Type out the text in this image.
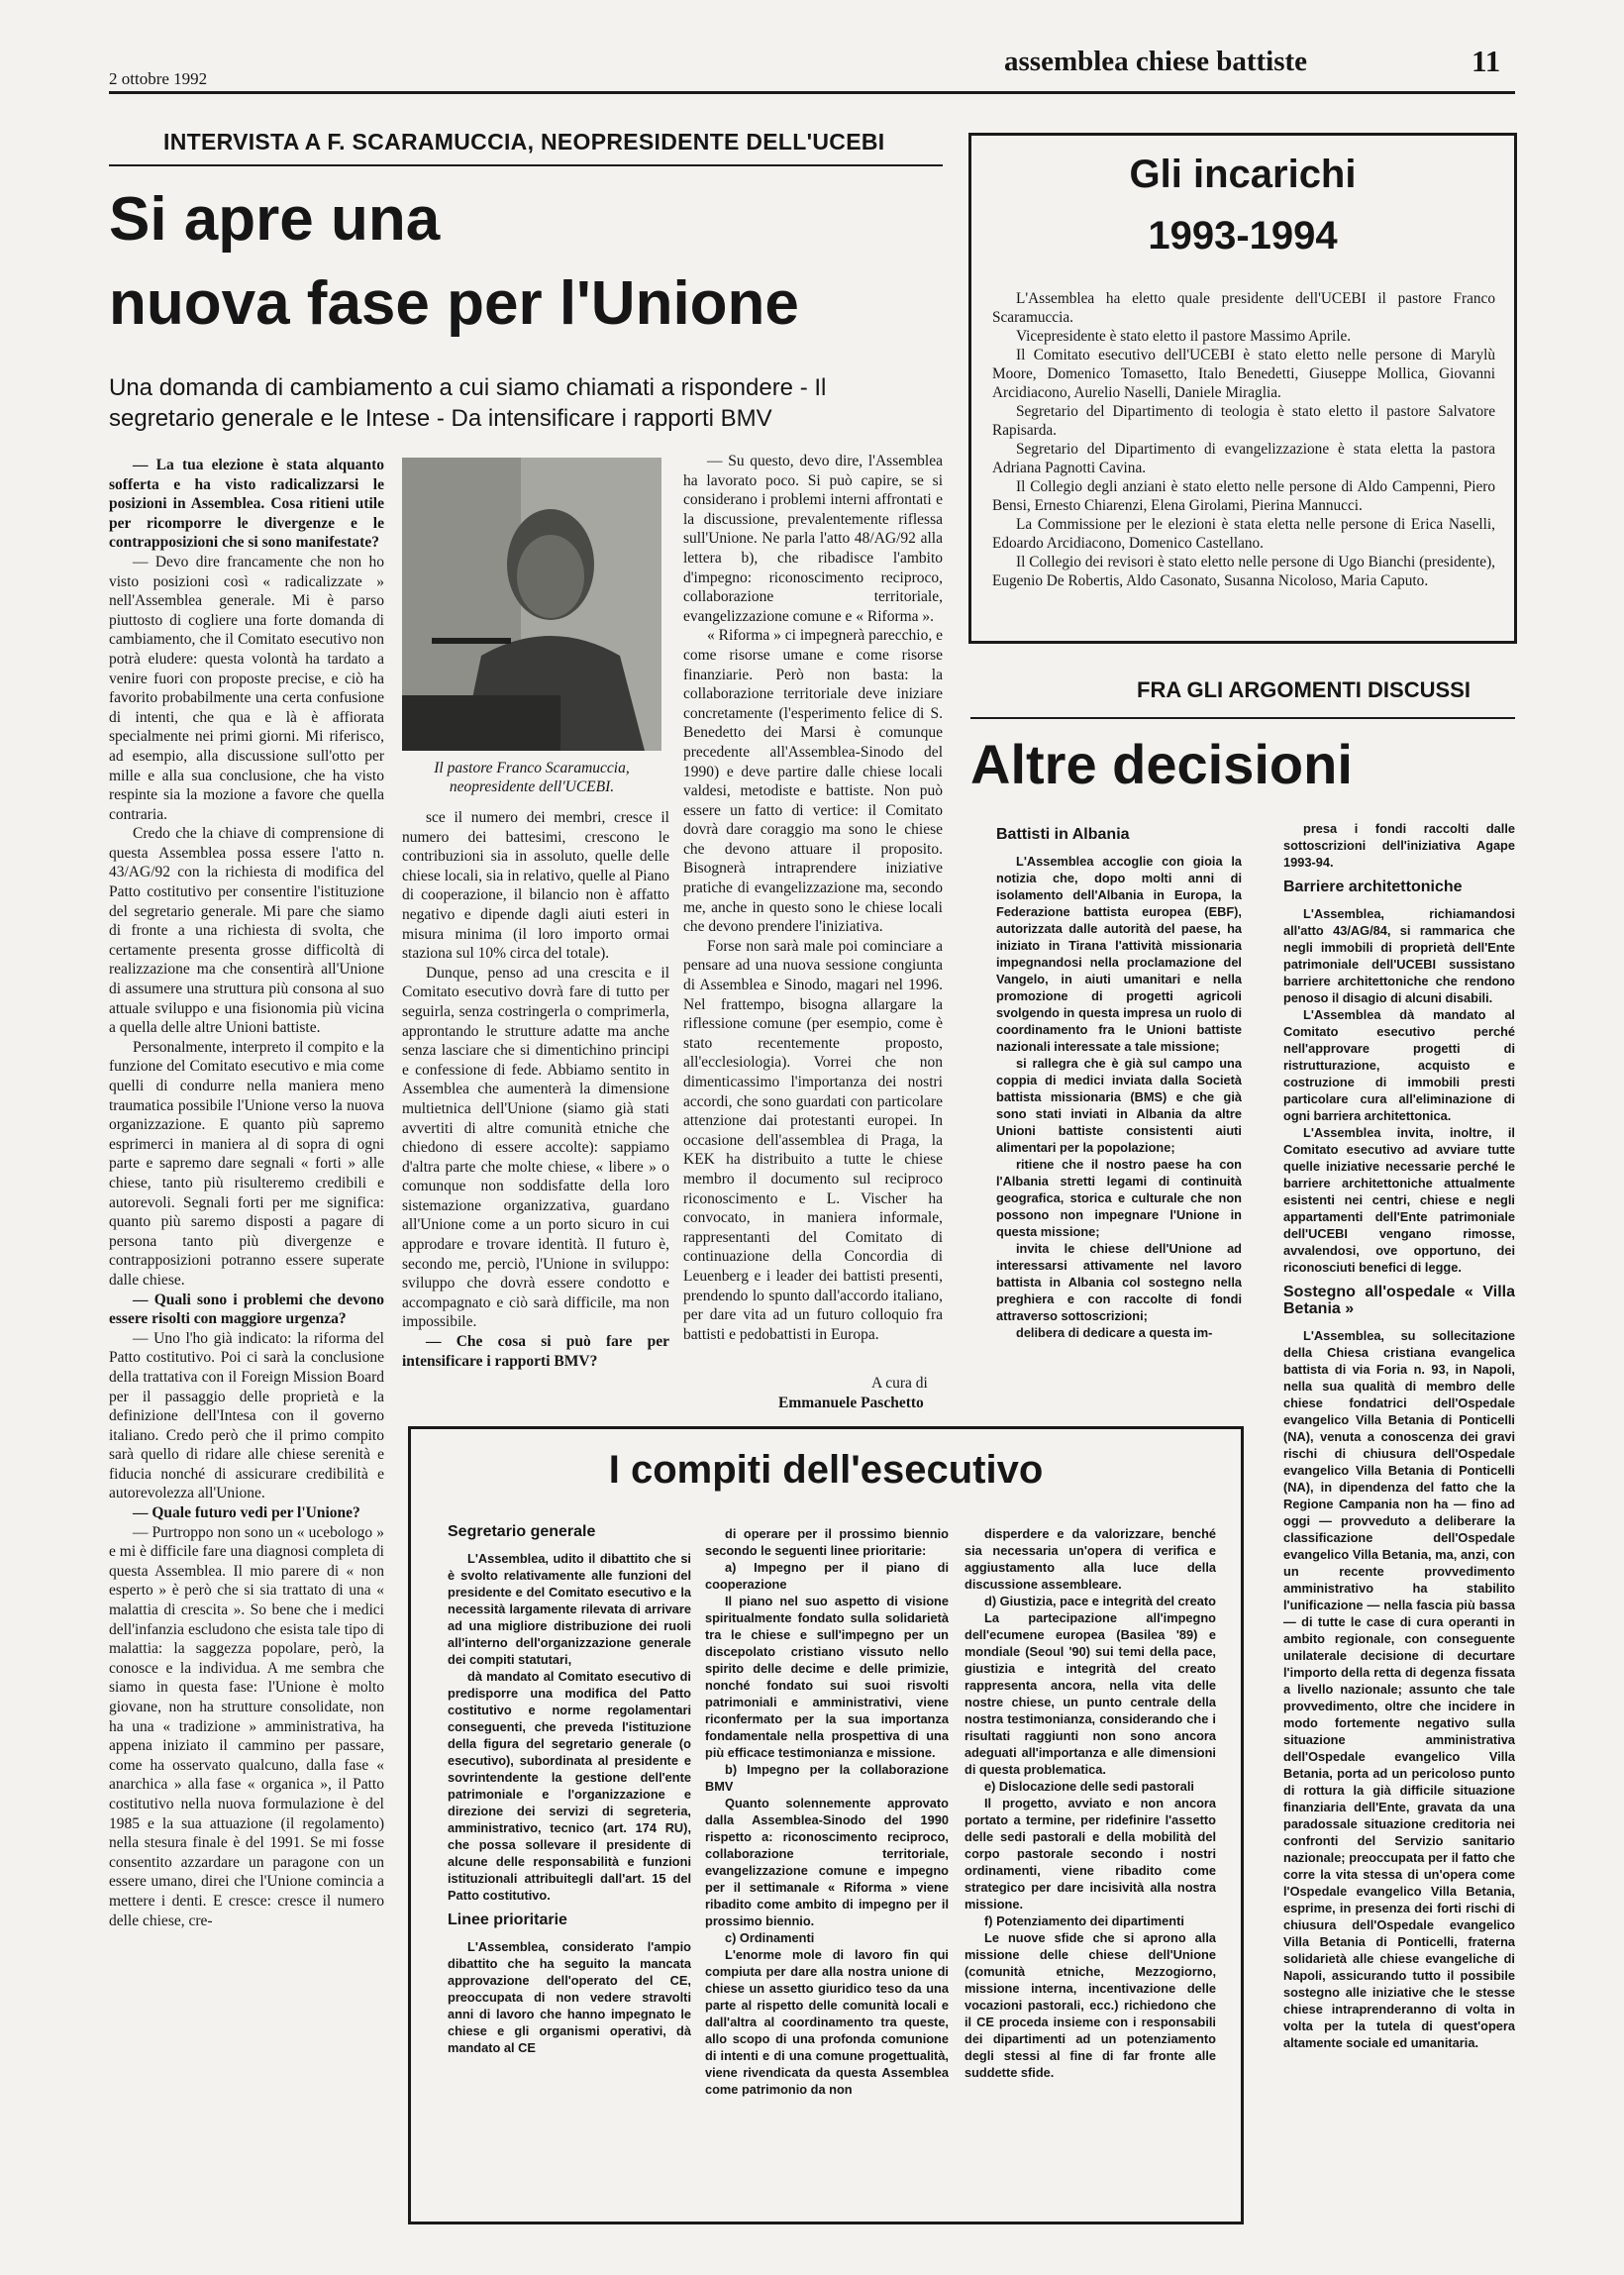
2 ottobre 1992
assemblea chiese battiste	11
INTERVISTA A F. SCARAMUCCIA, NEOPRESIDENTE DELL'UCEBI
Si apre una
nuova fase per l'Unione
Una domanda di cambiamento a cui siamo chiamati a rispondere - Il
segretario generale e le Intese - Da intensificare i rapporti BMV
Il pastore Franco Scaramuccia, neopresidente dell'UCEBI.

— La tua elezione è stata alquanto sofferta e ha visto radicalizzarsi le posizioni in Assemblea. Cosa ritieni utile per ricomporre le divergenze e le contrapposizioni che si sono manifestate?

— Devo dire francamente che non ho visto posizioni così « radicalizzate » nell'Assemblea generale. Mi è parso piuttosto di cogliere una forte domanda di cambiamento, che il Comitato esecutivo non potrà eludere: questa volontà ha tardato a venire fuori con proposte precise, e ciò ha favorito probabilmente una certa confusione di intenti, che qua e là è affiorata specialmente nei primi giorni. Mi riferisco, ad esempio, alla discussione sull'otto per mille e alla sua conclusione, che ha visto respinte sia la mozione a favore che quella contraria.

Credo che la chiave di comprensione di questa Assemblea possa essere l'atto n. 43/AG/92 con la richiesta di modifica del Patto costitutivo per consentire l'istituzione del segretario generale. Mi pare che siamo di fronte a una richiesta di svolta, che certamente presenta grosse difficoltà di realizzazione ma che consentirà all'Unione di assumere una struttura più consona al suo attuale sviluppo e una fisionomia più vicina a quella delle altre Unioni battiste.

Personalmente, interpreto il compito e la funzione del Comitato esecutivo e mia come quelli di condurre nella maniera meno traumatica possibile l'Unione verso la nuova organizzazione. E quanto più sapremo esprimerci in maniera al di sopra di ogni parte e sapremo dare segnali « forti » alle chiese, tanto più risulteremo credibili e autorevoli. Segnali forti per me significa: quanto più saremo disposti a pagare di persona tanto più divergenze e contrapposizioni potranno essere superate dalle chiese.

— Quali sono i problemi che devono essere risolti con maggiore urgenza?

— Uno l'ho già indicato: la riforma del Patto costitutivo. Poi ci sarà la conclusione della trattativa con il Foreign Mission Board per il passaggio delle proprietà e la definizione dell'Intesa con il governo italiano. Credo però che il primo compito sarà quello di ridare alle chiese serenità e fiducia nonché di assicurare credibilità e autorevolezza all'Unione.

— Quale futuro vedi per l'Unione?

— Purtroppo non sono un « ucebologo » e mi è difficile fare una diagnosi completa di questa Assemblea. Il mio parere di « non esperto » è però che si sia trattato di una « malattia di crescita ». So bene che i medici dell'infanzia escludono che esista tale tipo di malattia: la saggezza popolare, però, la conosce e la individua. A me sembra che siamo in questa fase: l'Unione è molto giovane, non ha strutture consolidate, non ha una « tradizione » amministrativa, ha appena iniziato il cammino per passare, come ha osservato qualcuno, dalla fase « anarchica » alla fase « organica », il Patto costitutivo nella nuova formulazione è del 1985 e la sua attuazione (il regolamento) nella stesura finale è del 1991. Se mi fosse consentito azzardare un paragone con un essere umano, direi che l'Unione comincia a mettere i denti. E cresce: cresce il numero delle chiese, cre-

sce il numero dei membri, cresce il numero dei battesimi, crescono le contribuzioni sia in assoluto, quelle delle chiese locali, sia in relativo, quelle al Piano di cooperazione, il bilancio non è affatto negativo e dipende dagli aiuti esteri in misura minima (il loro importo ormai staziona sul 10% circa del totale).

Dunque, penso ad una crescita e il Comitato esecutivo dovrà fare di tutto per seguirla, senza costringerla o comprimerla, approntando le strutture adatte ma anche senza lasciare che si dimentichino principi e confessione di fede. Abbiamo sentito in Assemblea che aumenterà la dimensione multietnica dell'Unione (siamo già stati avvertiti di altre comunità etniche che chiedono di essere accolte): sappiamo d'altra parte che molte chiese, « libere » o comunque non soddisfatte della loro sistemazione organizzativa, guardano all'Unione come a un porto sicuro in cui approdare e trovare identità. Il futuro è, secondo me, perciò, l'Unione in sviluppo: sviluppo che dovrà essere condotto e accompagnato e ciò sarà difficile, ma non impossibile.

— Che cosa si può fare per intensificare i rapporti BMV?

— Su questo, devo dire, l'Assemblea ha lavorato poco. Si può capire, se si considerano i problemi interni affrontati e la discussione, prevalentemente riflessa sull'Unione. Ne parla l'atto 48/AG/92 alla lettera b), che ribadisce l'ambito d'impegno: riconoscimento reciproco, collaborazione territoriale, evangelizzazione comune e « Riforma ».

« Riforma » ci impegnerà parecchio, e come risorse umane e come risorse finanziarie. Però non basta: la collaborazione territoriale deve iniziare concretamente (l'esperimento felice di S. Benedetto dei Marsi è comunque precedente all'Assemblea-Sinodo del 1990) e deve partire dalle chiese locali valdesi, metodiste e battiste. Non può essere un fatto di vertice: il Comitato dovrà dare coraggio ma sono le chiese che devono attuare il proposito. Bisognerà intraprendere iniziative pratiche di evangelizzazione ma, secondo me, anche in questo sono le chiese locali che devono prendere l'iniziativa.

Forse non sarà male poi cominciare a pensare ad una nuova sessione congiunta di Assemblea e Sinodo, magari nel 1996. Nel frattempo, bisogna allargare la riflessione comune (per esempio, come è stato recentemente proposto, all'ecclesiologia). Vorrei che non dimenticassimo l'importanza dei nostri accordi, che sono guardati con particolare attenzione dai protestanti europei. In occasione dell'assemblea di Praga, la KEK ha distribuito a tutte le chiese membro il documento sul reciproco riconoscimento e L. Vischer ha convocato, in maniera informale, rappresentanti del Comitato di continuazione della Concordia di Leuenberg e i leader dei battisti presenti, prendendo lo spunto dall'accordo italiano, per dare vita ad un futuro colloquio fra battisti e pedobattisti in Europa.

A cura di
Emmanuele Paschetto
Gli incarichi
1993-1994

L'Assemblea ha eletto quale presidente dell'UCEBI il pastore Franco Scaramuccia.

Vicepresidente è stato eletto il pastore Massimo Aprile.

Il Comitato esecutivo dell'UCEBI è stato eletto nelle persone di Marylù Moore, Domenico Tomasetto, Italo Benedetti, Giuseppe Mollica, Giovanni Arcidiacono, Aurelio Naselli, Daniele Miraglia.

Segretario del Dipartimento di teologia è stato eletto il pastore Salvatore Rapisarda.

Segretario del Dipartimento di evangelizzazione è stata eletta la pastora Adriana Pagnotti Cavina.

Il Collegio degli anziani è stato eletto nelle persone di Aldo Campenni, Piero Bensi, Ernesto Chiarenzi, Elena Girolami, Pierina Mannucci.

La Commissione per le elezioni è stata eletta nelle persone di Erica Naselli, Edoardo Arcidiacono, Domenico Castellano.

Il Collegio dei revisori è stato eletto nelle persone di Ugo Bianchi (presidente), Eugenio De Robertis, Aldo Casonato, Susanna Nicoloso, Maria Caputo.

FRA GLI ARGOMENTI DISCUSSI
Altre decisioni
Battisti in Albania

L'Assemblea accoglie con gioia la notizia che, dopo molti anni di isolamento dell'Albania in Europa, la Federazione battista europea (EBF), autorizzata dalle autorità del paese, ha iniziato in Tirana l'attività missionaria impegnandosi nella proclamazione del Vangelo, in aiuti umanitari e nella promozione di progetti agricoli svolgendo in questa impresa un ruolo di coordinamento fra le Unioni battiste nazionali interessate a tale missione;

si rallegra che è già sul campo una coppia di medici inviata dalla Società battista missionaria (BMS) e che già sono stati inviati in Albania da altre Unioni battiste consistenti aiuti alimentari per la popolazione;

ritiene che il nostro paese ha con l'Albania stretti legami di continuità geografica, storica e culturale che non possono non impegnare l'Unione in questa missione;

invita le chiese dell'Unione ad interessarsi attivamente nel lavoro battista in Albania col sostegno nella preghiera e con raccolte di fondi attraverso sottoscrizioni;

delibera di dedicare a questa im-

presa i fondi raccolti dalle sottoscrizioni dell'iniziativa Agape 1993-94.

Barriere architettoniche

L'Assemblea, richiamandosi all'atto 43/AG/84, si rammarica che negli immobili di proprietà dell'Ente patrimoniale dell'UCEBI sussistano barriere architettoniche che rendono penoso il disagio di alcuni disabili.

L'Assemblea dà mandato al Comitato esecutivo perché nell'approvare progetti di ristrutturazione, acquisto e costruzione di immobili presti particolare cura all'eliminazione di ogni barriera architettonica.

L'Assemblea invita, inoltre, il Comitato esecutivo ad avviare tutte quelle iniziative necessarie perché le barriere architettoniche attualmente esistenti nei centri, chiese e negli appartamenti dell'Ente patrimoniale dell'UCEBI vengano rimosse, avvalendosi, ove opportuno, dei riconosciuti benefici di legge.

Sostegno all'ospedale « Villa Betania »

L'Assemblea, su sollecitazione della Chiesa cristiana evangelica battista di via Foria n. 93, in Napoli, nella sua qualità di membro delle chiese fondatrici dell'Ospedale evangelico Villa Betania di Ponticelli (NA), venuta a conoscenza dei gravi rischi di chiusura dell'Ospedale evangelico Villa Betania di Ponticelli (NA), in dipendenza del fatto che la Regione Campania non ha — fino ad oggi — provveduto a deliberare la classificazione dell'Ospedale evangelico Villa Betania, ma, anzi, con un recente provvedimento amministrativo ha stabilito l'unificazione — nella fascia più bassa — di tutte le case di cura operanti in ambito regionale, con conseguente unilaterale decisione di decurtare l'importo della retta di degenza fissata a livello nazionale; assunto che tale provvedimento, oltre che incidere in modo fortemente negativo sulla situazione amministrativa dell'Ospedale evangelico Villa Betania, porta ad un pericoloso punto di rottura la già difficile situazione finanziaria dell'Ente, gravata da una paradossale situazione creditoria nei confronti del Servizio sanitario nazionale; preoccupata per il fatto che corre la vita stessa di un'opera come l'Ospedale evangelico Villa Betania, esprime, in presenza dei forti rischi di chiusura dell'Ospedale evangelico Villa Betania di Ponticelli, fraterna solidarietà alle chiese evangeliche di Napoli, assicurando tutto il possibile sostegno alle iniziative che le stesse chiese intraprenderanno di volta in volta per la tutela di quest'opera altamente sociale ed umanitaria.

I compiti dell'esecutivo
Segretario generale

L'Assemblea, udito il dibattito che si è svolto relativamente alle funzioni del presidente e del Comitato esecutivo e la necessità largamente rilevata di arrivare ad una migliore distribuzione dei ruoli all'interno dell'organizzazione generale dei compiti statutari,

dà mandato al Comitato esecutivo di predisporre una modifica del Patto costitutivo e norme regolamentari conseguenti, che preveda l'istituzione della figura del segretario generale (o esecutivo), subordinata al presidente e sovrintendente la gestione dell'ente patrimoniale e l'organizzazione e direzione dei servizi di segreteria, amministrativo, tecnico (art. 174 RU), che possa sollevare il presidente di alcune delle responsabilità e funzioni istituzionali attribuitegli dall'art. 15 del Patto costitutivo.

Linee prioritarie

L'Assemblea, considerato l'ampio dibattito che ha seguito la mancata approvazione dell'operato del CE, preoccupata di non vedere stravolti anni di lavoro che hanno impegnato le chiese e gli organismi operativi, dà mandato al CE

di operare per il prossimo biennio secondo le seguenti linee prioritarie:

a) Impegno per il piano di cooperazione

Il piano nel suo aspetto di visione spiritualmente fondato sulla solidarietà tra le chiese e sull'impegno per un discepolato cristiano vissuto nello spirito delle decime e delle primizie, nonché fondato sui suoi risvolti patrimoniali e amministrativi, viene riconfermato per la sua importanza fondamentale nella prospettiva di una più efficace testimonianza e missione.

b) Impegno per la collaborazione BMV

Quanto solennemente approvato dalla Assemblea-Sinodo del 1990 rispetto a: riconoscimento reciproco, collaborazione territoriale, evangelizzazione comune e impegno per il settimanale « Riforma » viene ribadito come ambito di impegno per il prossimo biennio.

c) Ordinamenti

L'enorme mole di lavoro fin qui compiuta per dare alla nostra unione di chiese un assetto giuridico teso da una parte al rispetto delle comunità locali e dall'altra al coordinamento tra queste, allo scopo di una profonda comunione di intenti e di una comune progettualità, viene rivendicata da questa Assemblea come patrimonio da non

disperdere e da valorizzare, benché sia necessaria un'opera di verifica e aggiustamento alla luce della discussione assembleare.

d) Giustizia, pace e integrità del creato

La partecipazione all'impegno dell'ecumene europea (Basilea '89) e mondiale (Seoul '90) sui temi della pace, giustizia e integrità del creato rappresenta ancora, nella vita delle nostre chiese, un punto centrale della nostra testimonianza, considerando che i risultati raggiunti non sono ancora adeguati all'importanza e alle dimensioni di questa problematica.

e) Dislocazione delle sedi pastorali

Il progetto, avviato e non ancora portato a termine, per ridefinire l'assetto delle sedi pastorali e della mobilità del corpo pastorale secondo i nostri ordinamenti, viene ribadito come strategico per dare incisività alla nostra missione.

f) Potenziamento dei dipartimenti

Le nuove sfide che si aprono alla missione delle chiese dell'Unione (comunità etniche, Mezzogiorno, missione interna, incentivazione delle vocazioni pastorali, ecc.) richiedono che il CE proceda insieme con i responsabili dei dipartimenti ad un potenziamento degli stessi al fine di far fronte alle suddette sfide.
